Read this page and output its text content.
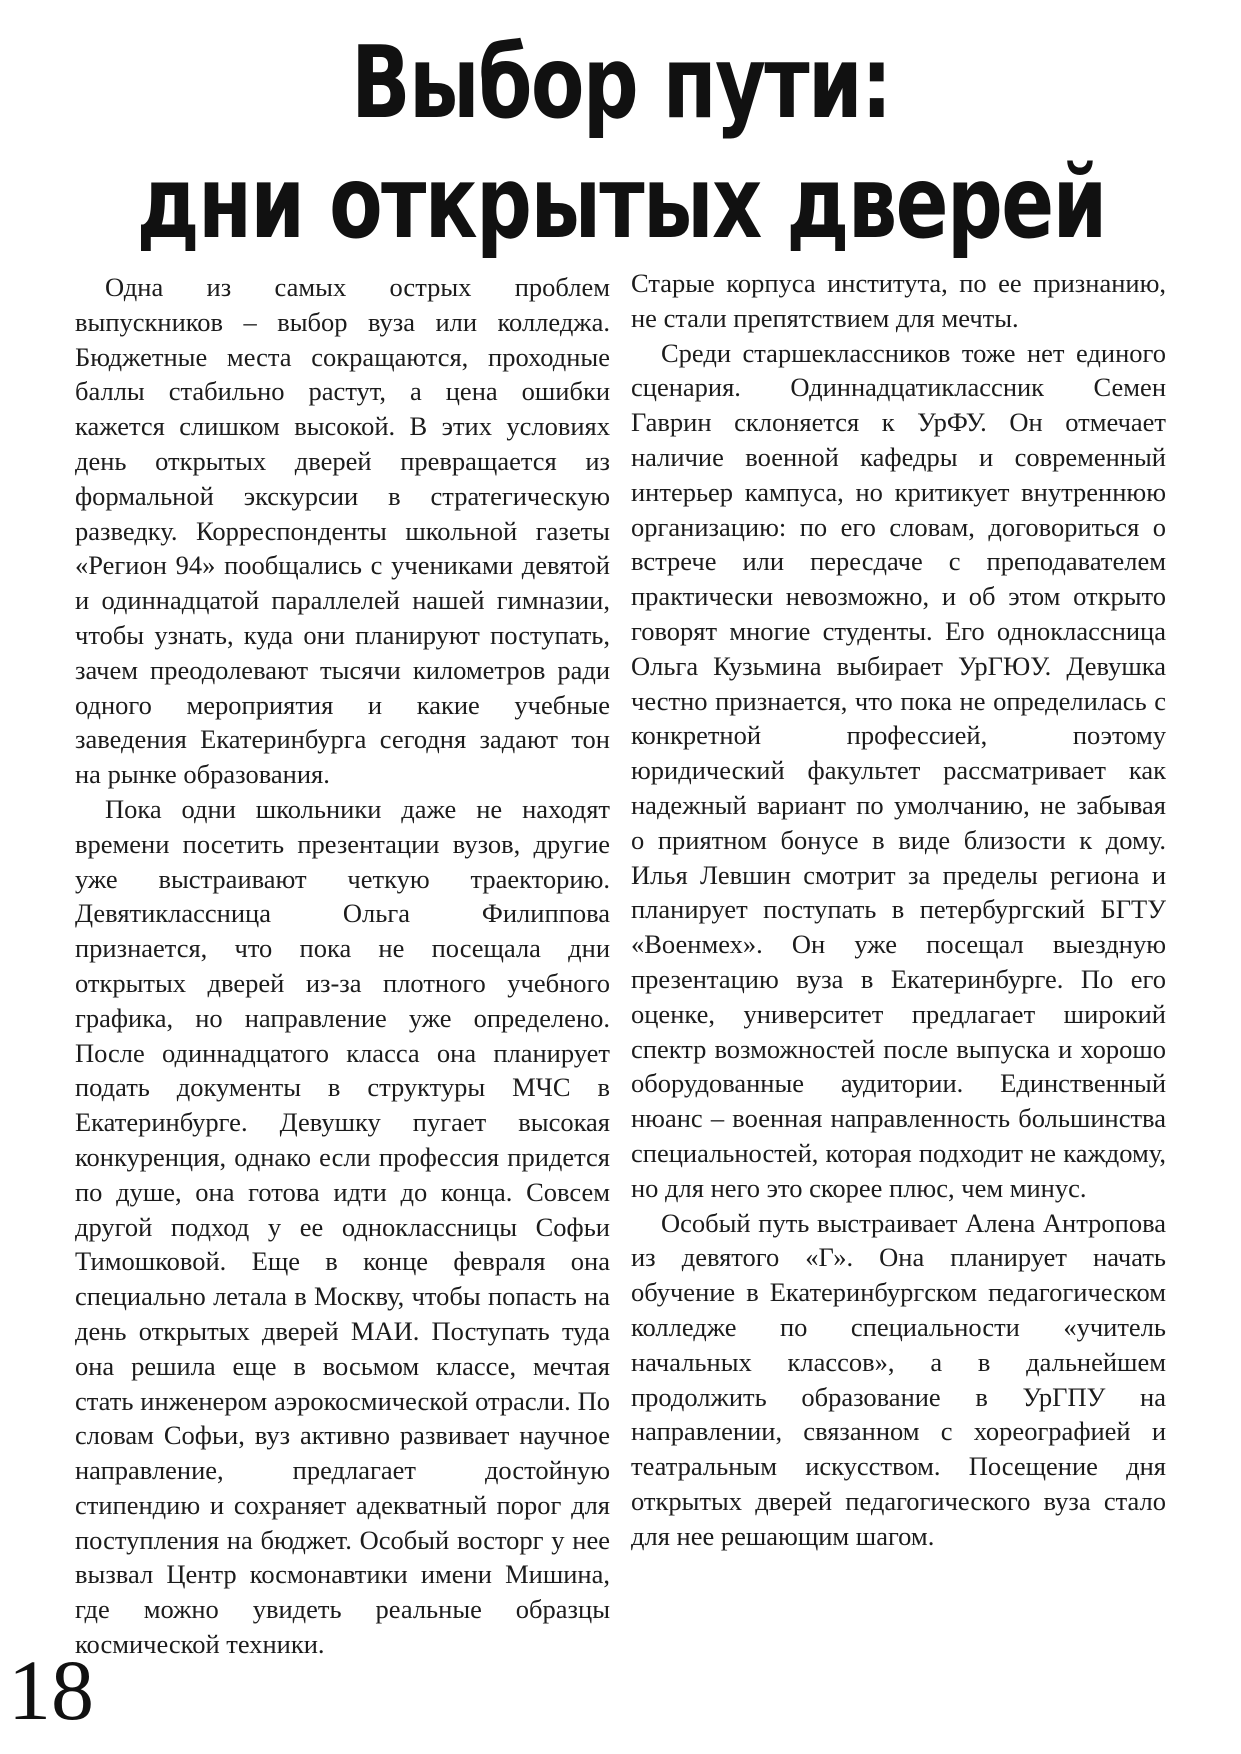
Выбор пути:
дни открытых дверей

Одна из самых острых проблем выпускников – выбор вуза или колледжа. Бюджетные места сокращаются, проходные баллы стабильно растут, а цена ошибки кажется слишком высокой. В этих условиях день открытых дверей превращается из формальной экскурсии в стратегическую разведку. Корреспонденты школьной газеты «Регион 94» пообщались с учениками девятой и одиннадцатой параллелей нашей гимназии, чтобы узнать, куда они планируют поступать, зачем преодолевают тысячи километров ради одного мероприятия и какие учебные заведения Екатеринбурга сегодня задают тон на рынке образования.

Пока одни школьники даже не находят времени посетить презентации вузов, другие уже выстраивают четкую траекторию. Девятиклассница Ольга Филиппова признается, что пока не посещала дни открытых дверей из-за плотного учебного графика, но направление уже определено. После одиннадцатого класса она планирует подать документы в структуры МЧС в Екатеринбурге. Девушку пугает высокая конкуренция, однако если профессия придется по душе, она готова идти до конца. Совсем другой подход у ее одноклассницы Софьи Тимошковой. Еще в конце февраля она специально летала в Москву, чтобы попасть на день открытых дверей МАИ. Поступать туда она решила еще в восьмом классе, мечтая стать инженером аэрокосмической отрасли. По словам Софьи, вуз активно развивает научное направление, предлагает достойную стипендию и сохраняет адекватный порог для поступления на бюджет. Особый восторг у нее вызвал Центр космонавтики имени Мишина, где можно увидеть реальные образцы космической техники.

Старые корпуса института, по ее признанию, не стали препятствием для мечты.

Среди старшеклассников тоже нет единого сценария. Одиннадцатиклассник Семен Гаврин склоняется к УрФУ. Он отмечает наличие военной кафедры и современный интерьер кампуса, но критикует внутреннюю организацию: по его словам, договориться о встрече или пересдаче с преподавателем практически невозможно, и об этом открыто говорят многие студенты. Его одноклассница Ольга Кузьмина выбирает УрГЮУ. Девушка честно признается, что пока не определилась с конкретной профессией, поэтому юридический факультет рассматривает как надежный вариант по умолчанию, не забывая о приятном бонусе в виде близости к дому. Илья Левшин смотрит за пределы региона и планирует поступать в петербургский БГТУ «Военмех». Он уже посещал выездную презентацию вуза в Екатеринбурге. По его оценке, университет предлагает широкий спектр возможностей после выпуска и хорошо оборудованные аудитории. Единственный нюанс – военная направленность большинства специальностей, которая подходит не каждому, но для него это скорее плюс, чем минус.

Особый путь выстраивает Алена Антропова из девятого «Г». Она планирует начать обучение в Екатеринбургском педагогическом колледже по специальности «учитель начальных классов», а в дальнейшем продолжить образование в УрГПУ на направлении, связанном с хореографией и театральным искусством. Посещение дня открытых дверей педагогического вуза стало для нее решающим шагом.

18
